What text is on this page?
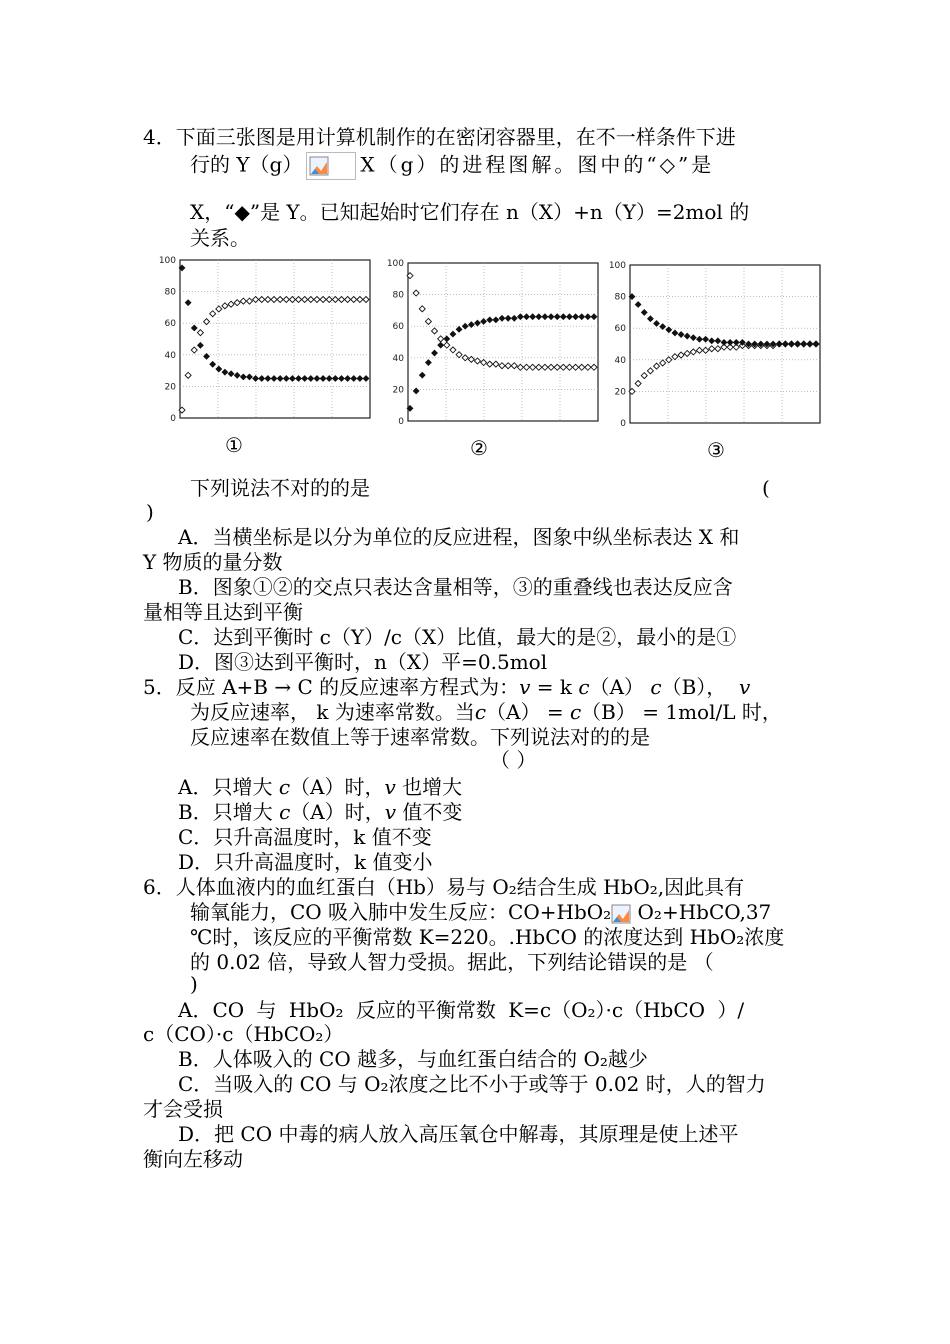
4．下面三张图是用计算机制作的在密闭容器里，在不一样条件下进
行的 Y（g）	X（g）的进程图解。图中的“◇”是
X，“◆”是 Y。已知起始时它们存在 n（X）+n（Y）=2mol 的
关系。
0
20
40
60
80
100
0
20
40
60
80
100
0
20
40
60
80
100
①	②	③
下列说法不对的的是	(
)
A．当横坐标是以分为单位的反应进程，图象中纵坐标表达 X 和
Y 物质的量分数
B．图象①②的交点只表达含量相等，③的重叠线也表达反应含
量相等且达到平衡
C．达到平衡时 c（Y）/c（X）比值，最大的是②，最小的是①
D．图③达到平衡时，n（X）平=0.5mol
5．反应 A+B → C 的反应速率方程式为：v = k c（A） c（B）， v
为反应速率， k 为速率常数。当c（A） = c（B） = 1mol/L 时，
反应速率在数值上等于速率常数。下列说法对的的是
（ ）
A．只增大 c（A）时，v 也增大
B．只增大 c（A）时，v 值不变
C．只升高温度时，k 值不变
D．只升高温度时，k 值变小
6．人体血液内的血红蛋白（Hb）易与 O₂结合生成 HbO₂,因此具有
输氧能力，CO 吸入肺中发生反应：CO+HbO₂ O₂+HbCO,37
℃时，该反应的平衡常数 K=220。.HbCO 的浓度达到 HbO₂浓度
的 0.02 倍，导致人智力受损。据此，下列结论错误的是 （
)
A．CO 与 HbO₂ 反应的平衡常数 K=c（O₂）·c（HbCO ）/
c（CO）·c（HbCO₂）
B．人体吸入的 CO 越多，与血红蛋白结合的 O₂越少
C．当吸入的 CO 与 O₂浓度之比不小于或等于 0.02 时，人的智力
才会受损
D．把 CO 中毒的病人放入高压氧仓中解毒，其原理是使上述平
衡向左移动
